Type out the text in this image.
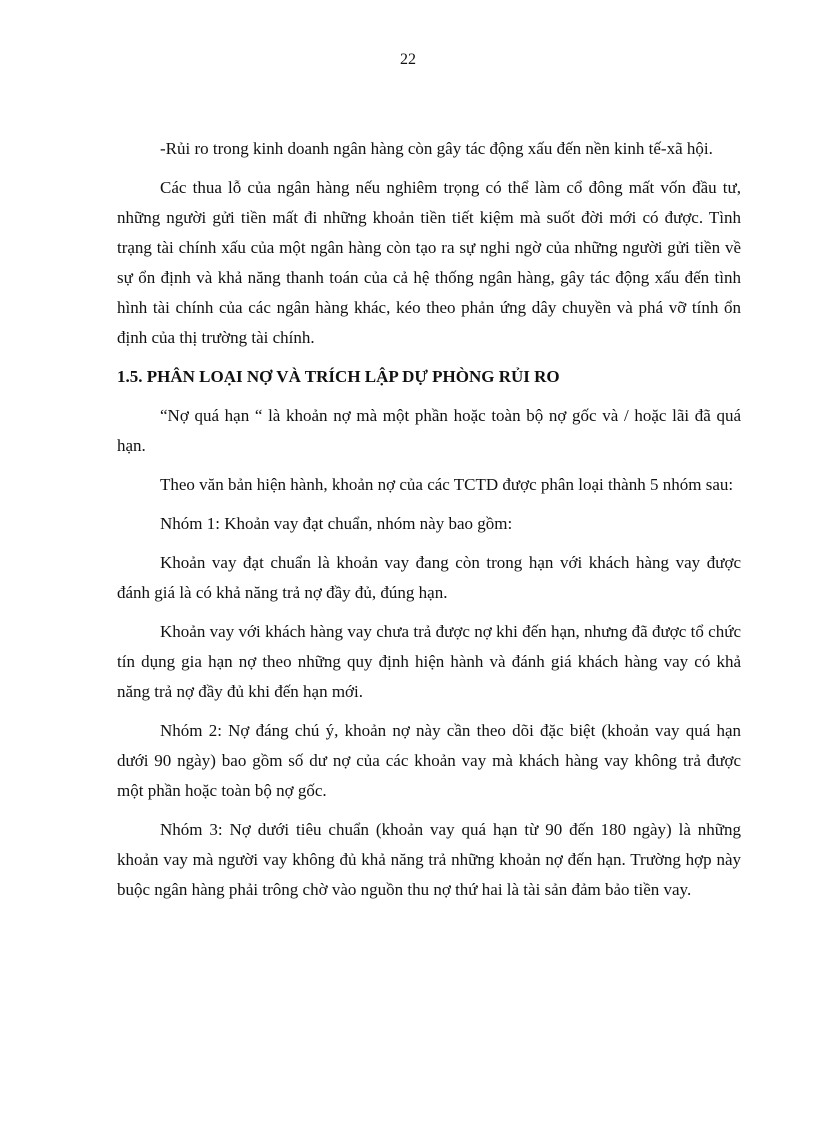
22

-Rủi ro trong kinh doanh ngân hàng còn gây tác động xấu đến nền kinh tế-xã hội.

Các thua lỗ của ngân hàng nếu nghiêm trọng có thể làm cổ đông mất vốn đầu tư, những người gửi tiền mất đi những khoản tiền tiết kiệm mà suốt đời mới có được. Tình trạng tài chính xấu của một ngân hàng còn tạo ra sự nghi ngờ của những người gửi tiền về sự ổn định và khả năng thanh toán của cả hệ thống ngân hàng, gây tác động xấu đến tình hình tài chính của các ngân hàng khác, kéo theo phản ứng dây chuyền và phá vỡ tính ổn định của thị trường tài chính.

1.5. PHÂN LOẠI NỢ VÀ TRÍCH LẬP DỰ PHÒNG RỦI RO

“Nợ quá hạn “ là khoản nợ mà một phần hoặc toàn bộ nợ gốc và / hoặc lãi đã quá hạn.

Theo văn bản hiện hành, khoản nợ của các TCTD được phân loại thành 5 nhóm sau:

Nhóm 1: Khoản vay đạt chuẩn, nhóm này bao gồm:

Khoản vay đạt chuẩn là khoản vay đang còn trong hạn với khách hàng vay được đánh giá là có khả năng trả nợ đầy đủ, đúng hạn.

Khoản vay với khách hàng vay chưa trả được nợ khi đến hạn, nhưng đã được tổ chức tín dụng gia hạn nợ theo những quy định hiện hành và đánh giá khách hàng vay có khả năng trả nợ đầy đủ khi đến hạn mới.

Nhóm 2: Nợ đáng chú ý, khoản nợ này cần theo dõi đặc biệt (khoản vay quá hạn dưới 90 ngày) bao gồm số dư nợ của các khoản vay mà khách hàng vay không trả được một phần hoặc toàn bộ nợ gốc.

Nhóm 3: Nợ dưới tiêu chuẩn (khoản vay quá hạn từ 90 đến 180 ngày) là những khoản vay mà người vay không đủ khả năng trả những khoản nợ đến hạn. Trường hợp này buộc ngân hàng phải trông chờ vào nguồn thu nợ thứ hai là tài sản đảm bảo tiền vay.
